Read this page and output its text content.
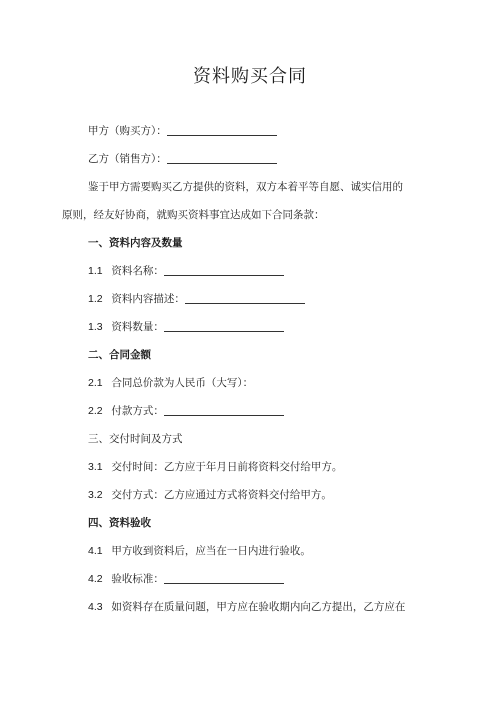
资料购买合同
甲方（购买方）：
乙方（销售方）：
鉴于甲方需要购买乙方提供的资料，双方本着平等自愿、诚实信用的
原则，经友好协商，就购买资料事宜达成如下合同条款：
一、资料内容及数量
1.1 资料名称：
1.2 资料内容描述：
1.3 资料数量：
二、合同金额
2.1 合同总价款为人民币（大写）：
2.2 付款方式：
三、交付时间及方式
3.1 交付时间：乙方应于年月日前将资料交付给甲方。
3.2 交付方式：乙方应通过方式将资料交付给甲方。
四、资料验收
4.1 甲方收到资料后，应当在一日内进行验收。
4.2 验收标准：
4.3 如资料存在质量问题，甲方应在验收期内向乙方提出，乙方应在
